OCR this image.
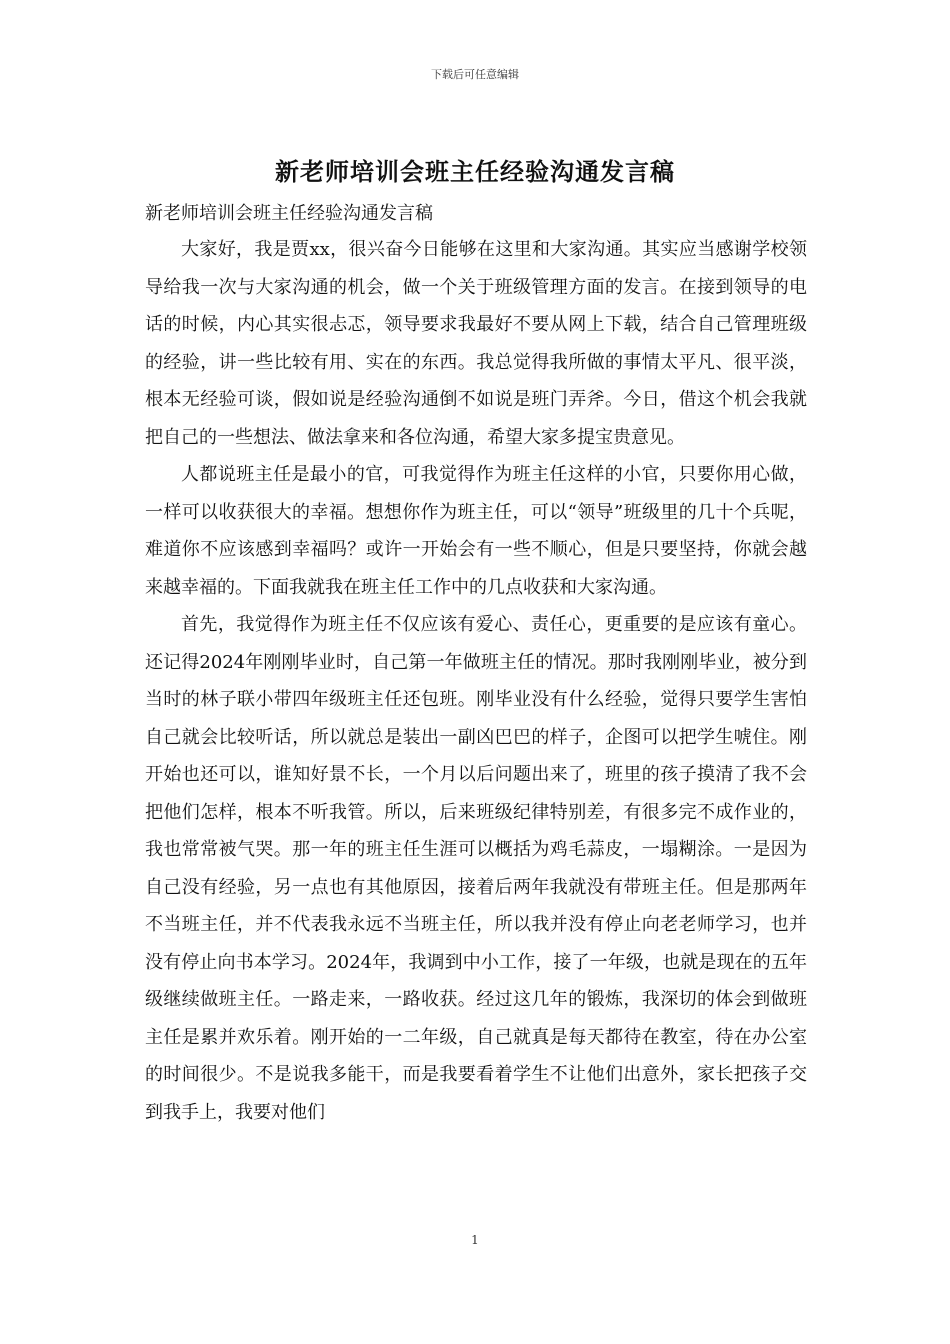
下载后可任意编辑
新老师培训会班主任经验沟通发言稿

新老师培训会班主任经验沟通发言稿

大家好，我是贾xx，很兴奋今日能够在这里和大家沟通。其实应当感谢学校领导给我一次与大家沟通的机会，做一个关于班级管理方面的发言。在接到领导的电话的时候，内心其实很忐忑，领导要求我最好不要从网上下载，结合自己管理班级的经验，讲一些比较有用、实在的东西。我总觉得我所做的事情太平凡、很平淡，根本无经验可谈，假如说是经验沟通倒不如说是班门弄斧。今日，借这个机会我就把自己的一些想法、做法拿来和各位沟通，希望大家多提宝贵意见。

人都说班主任是最小的官，可我觉得作为班主任这样的小官，只要你用心做，一样可以收获很大的幸福。想想你作为班主任，可以“领导”班级里的几十个兵呢，难道你不应该感到幸福吗？或许一开始会有一些不顺心，但是只要坚持，你就会越来越幸福的。下面我就我在班主任工作中的几点收获和大家沟通。

首先，我觉得作为班主任不仅应该有爱心、责任心，更重要的是应该有童心。还记得2024年刚刚毕业时，自己第一年做班主任的情况。那时我刚刚毕业，被分到当时的林子联小带四年级班主任还包班。刚毕业没有什么经验，觉得只要学生害怕自己就会比较听话，所以就总是装出一副凶巴巴的样子，企图可以把学生唬住。刚开始也还可以，谁知好景不长，一个月以后问题出来了，班里的孩子摸清了我不会把他们怎样，根本不听我管。所以，后来班级纪律特别差，有很多完不成作业的，我也常常被气哭。那一年的班主任生涯可以概括为鸡毛蒜皮，一塌糊涂。一是因为自己没有经验，另一点也有其他原因，接着后两年我就没有带班主任。但是那两年不当班主任，并不代表我永远不当班主任，所以我并没有停止向老老师学习，也并没有停止向书本学习。2024年，我调到中小工作，接了一年级，也就是现在的五年级继续做班主任。一路走来，一路收获。经过这几年的锻炼，我深切的体会到做班主任是累并欢乐着。刚开始的一二年级，自己就真是每天都待在教室，待在办公室的时间很少。不是说我多能干，而是我要看着学生不让他们出意外，家长把孩子交到我手上，我要对他们

1
